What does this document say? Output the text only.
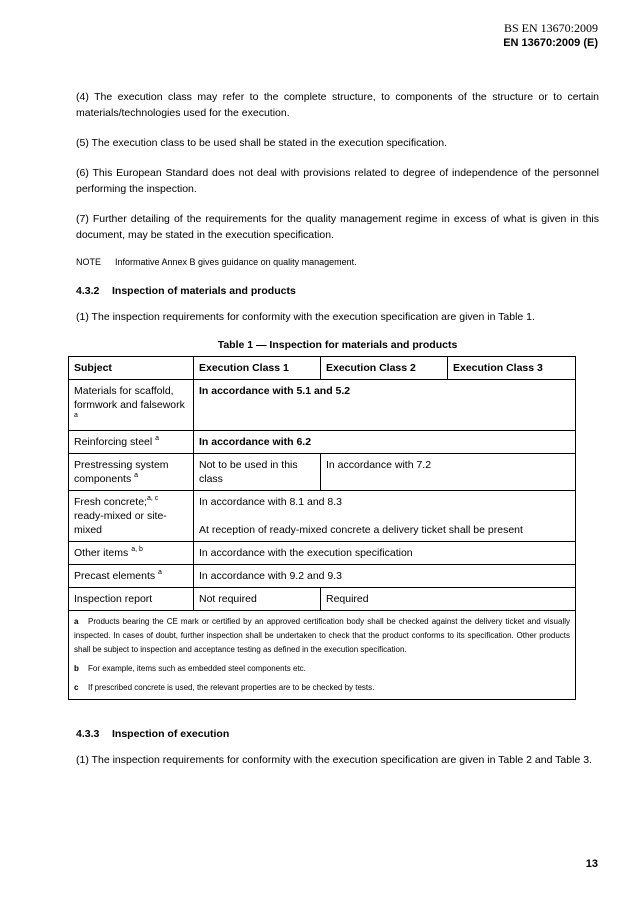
BS EN 13670:2009
EN 13670:2009 (E)

(4) The execution class may refer to the complete structure, to components of the structure or to certain materials/technologies used for the execution.

(5) The execution class to be used shall be stated in the execution specification.

(6) This European Standard does not deal with provisions related to degree of independence of the personnel performing the inspection.

(7) Further detailing of the requirements for the quality management regime in excess of what is given in this document, may be stated in the execution specification.

NOTE	Informative Annex B gives guidance on quality management.
4.3.2 Inspection of materials and products

(1) The inspection requirements for conformity with the execution specification are given in Table 1.

Table 1 — Inspection for materials and products
Subject	Execution Class 1	Execution Class 2	Execution Class 3
Materials for scaffold, formwork and falsework $^a$	In accordance with 5.1 and 5.2		
Reinforcing steel $^a$	In accordance with 6.2		
Prestressing system components $^a$	Not to be used in this class	In accordance with 7.2	
Fresh concrete;$^{a, c}$ ready-mixed or site-mixed	In accordance with 8.1 and 8.3
At reception of ready-mixed concrete a delivery ticket shall be present		

Other items $^{a, b}$	In accordance with the execution specification		
Precast elements $^a$	In accordance with 9.2 and 9.3		
Inspection report	Not required	Required	

a Products bearing the CE mark or certified by an approved certification body shall be checked against the delivery ticket and visually inspected. In cases of doubt, further inspection shall be undertaken to check that the product conforms to its specification. Other products shall be subject to inspection and acceptance testing as defined in the execution specification.
b For example, items such as embedded steel components etc.
c If prescribed concrete is used, the relevant properties are to be checked by tests.			
4.3.3 Inspection of execution

(1) The inspection requirements for conformity with the execution specification are given in Table 2 and Table 3.

13
